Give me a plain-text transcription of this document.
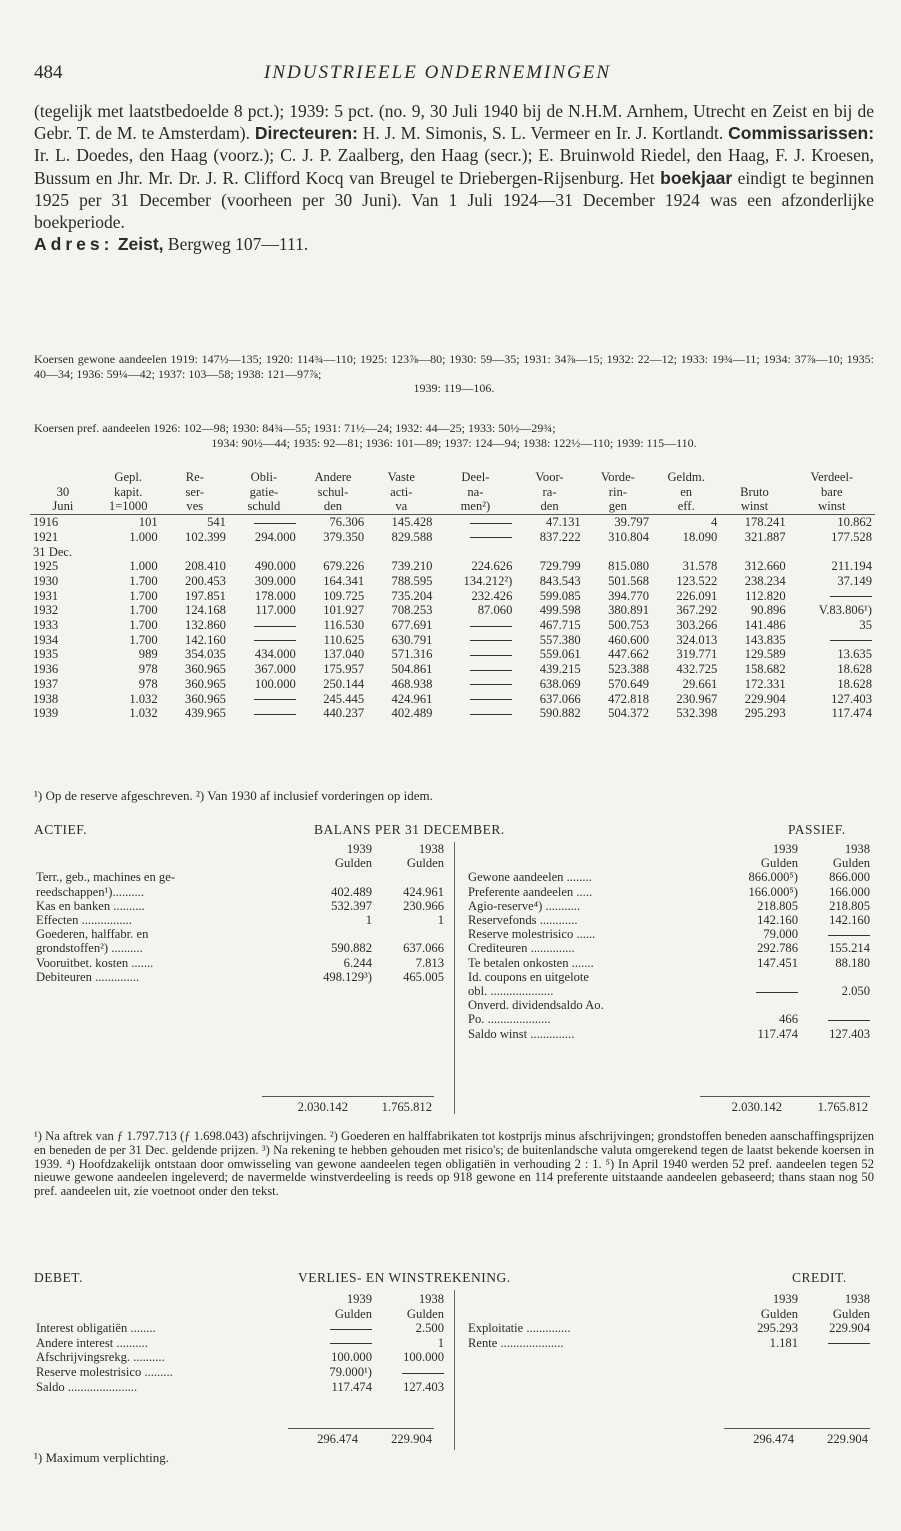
484	INDUSTRIEELE ONDERNEMINGEN
(tegelijk met laatstbedoelde 8 pct.); 1939: 5 pct. (no. 9, 30 Juli 1940 bij de N.H.M. Arnhem, Utrecht en Zeist en bij de Gebr. T. de M. te Amsterdam). Directeuren: H. J. M. Simonis, S. L. Vermeer en Ir. J. Kortlandt. Commissarissen: Ir. L. Doedes, den Haag (voorz.); C. J. P. Zaalberg, den Haag (secr.); E. Bruinwold Riedel, den Haag, F. J. Kroesen, Bussum en Jhr. Mr. Dr. J. R. Clifford Kocq van Breugel te Driebergen-Rijsenburg. Het boekjaar eindigt te beginnen 1925 per 31 December (voorheen per 30 Juni). Van 1 Juli 1924—31 December 1924 was een afzonderlijke boekperiode.
Adres: Zeist, Bergweg 107—111.
Koersen gewone aandeelen 1919: 147½—135; 1920: 114¾—110; 1925: 123⅞—80; 1930: 59—35; 1931: 34⅞—15; 1932: 22—12; 1933: 19¾—11; 1934: 37⅞—10; 1935: 40—34; 1936: 59¼—42; 1937: 103—58; 1938: 121—97⅞;
1939: 119—106.
Koersen pref. aandeelen 1926: 102—98; 1930: 84¾—55; 1931: 71½—24; 1932: 44—25; 1933: 50½—29¾;
1934: 90½—44; 1935: 92—81; 1936: 101—89; 1937: 124—94; 1938: 122½—110; 1939: 115—110.
	Gepl.	Re-	Obli-	Andere	Vaste	Deel-	Voor-	Vorde-	Geldm.		Verdeel-
30	kapit.	ser-	gatie-	schul-	acti-	na-	ra-	rin-	en	Bruto	bare
Juni	1=1000	ves	schuld	den	va	men²)	den	gen	eff.	winst	winst
1916	101	541		76.306	145.428		47.131	39.797	4	178.241	10.862
1921	1.000	102.399	294.000	379.350	829.588		837.222	310.804	18.090	321.887	177.528
31 Dec.											
1925	1.000	208.410	490.000	679.226	739.210	224.626	729.799	815.080	31.578	312.660	211.194
1930	1.700	200.453	309.000	164.341	788.595	134.212²)	843.543	501.568	123.522	238.234	37.149
1931	1.700	197.851	178.000	109.725	735.204	232.426	599.085	394.770	226.091	112.820	
1932	1.700	124.168	117.000	101.927	708.253	87.060	499.598	380.891	367.292	90.896	V.83.806¹)
1933	1.700	132.860		116.530	677.691		467.715	500.753	303.266	141.486	35
1934	1.700	142.160		110.625	630.791		557.380	460.600	324.013	143.835	
1935	989	354.035	434.000	137.040	571.316		559.061	447.662	319.771	129.589	13.635
1936	978	360.965	367.000	175.957	504.861		439.215	523.388	432.725	158.682	18.628
1937	978	360.965	100.000	250.144	468.938		638.069	570.649	29.661	172.331	18.628
1938	1.032	360.965		245.445	424.961		637.066	472.818	230.967	229.904	127.403
1939	1.032	439.965		440.237	402.489		590.882	504.372	532.398	295.293	117.474
¹) Op de reserve afgeschreven. ²) Van 1930 af inclusief vorderingen op idem.
ACTIEF.	BALANS PER 31 DECEMBER.	PASSIEF.
	1939	1938
	Gulden	Gulden
Terr., geb., machines en ge-		
reedschappen¹)..........	402.489	424.961
Kas en banken ..........	532.397	230.966
Effecten ................	1	1
Goederen, halffabr. en		
grondstoffen²) ..........	590.882	637.066
Vooruitbet. kosten .......	6.244	7.813
Debiteuren ..............	498.129³)	465.005
2.030.142	1.765.812
	1939	1938
	Gulden	Gulden
Gewone aandeelen ........	866.000⁵)	866.000
Preferente aandeelen .....	166.000⁵)	166.000
Agio-reserve⁴) ...........	218.805	218.805
Reservefonds ............	142.160	142.160
Reserve molestrisico ......	79.000	
Crediteuren ..............	292.786	155.214
Te betalen onkosten .......	147.451	88.180
Id. coupons en uitgelote		
obl. ....................		2.050
Onverd. dividendsaldo Ao.		
Po. ....................	466	
Saldo winst ..............	117.474	127.403
2.030.142	1.765.812
¹) Na aftrek van ƒ 1.797.713 (ƒ 1.698.043) afschrijvingen. ²) Goederen en halffabrikaten tot kostprijs minus afschrijvingen; grondstoffen beneden aanschaffingsprijzen en beneden de per 31 Dec. geldende prijzen. ³) Na rekening te hebben gehouden met risico's; de buitenlandsche valuta omgerekend tegen de laatst bekende koersen in 1939. ⁴) Hoofdzakelijk ontstaan door omwisseling van gewone aandeelen tegen obligatiën in verhouding 2 : 1. ⁵) In April 1940 werden 52 pref. aandeelen tegen 52 nieuwe gewone aandeelen ingeleverd; de navermelde winstverdeeling is reeds op 918 gewone en 114 preferente uitstaande aandeelen gebaseerd; thans staan nog 50 pref. aandeelen uit, zie voetnoot onder den tekst.
DEBET.	VERLIES- EN WINSTREKENING.	CREDIT.
	1939	1938
	Gulden	Gulden
Interest obligatiën ........		2.500
Andere interest ..........		1
Afschrijvingsrekg. ..........	100.000	100.000
Reserve molestrisico .........	79.000¹)	
Saldo ......................	117.474	127.403
296.474	229.904
	1939	1938
	Gulden	Gulden
Exploitatie ..............	295.293	229.904
Rente ....................	1.181	
296.474	229.904
¹) Maximum verplichting.
